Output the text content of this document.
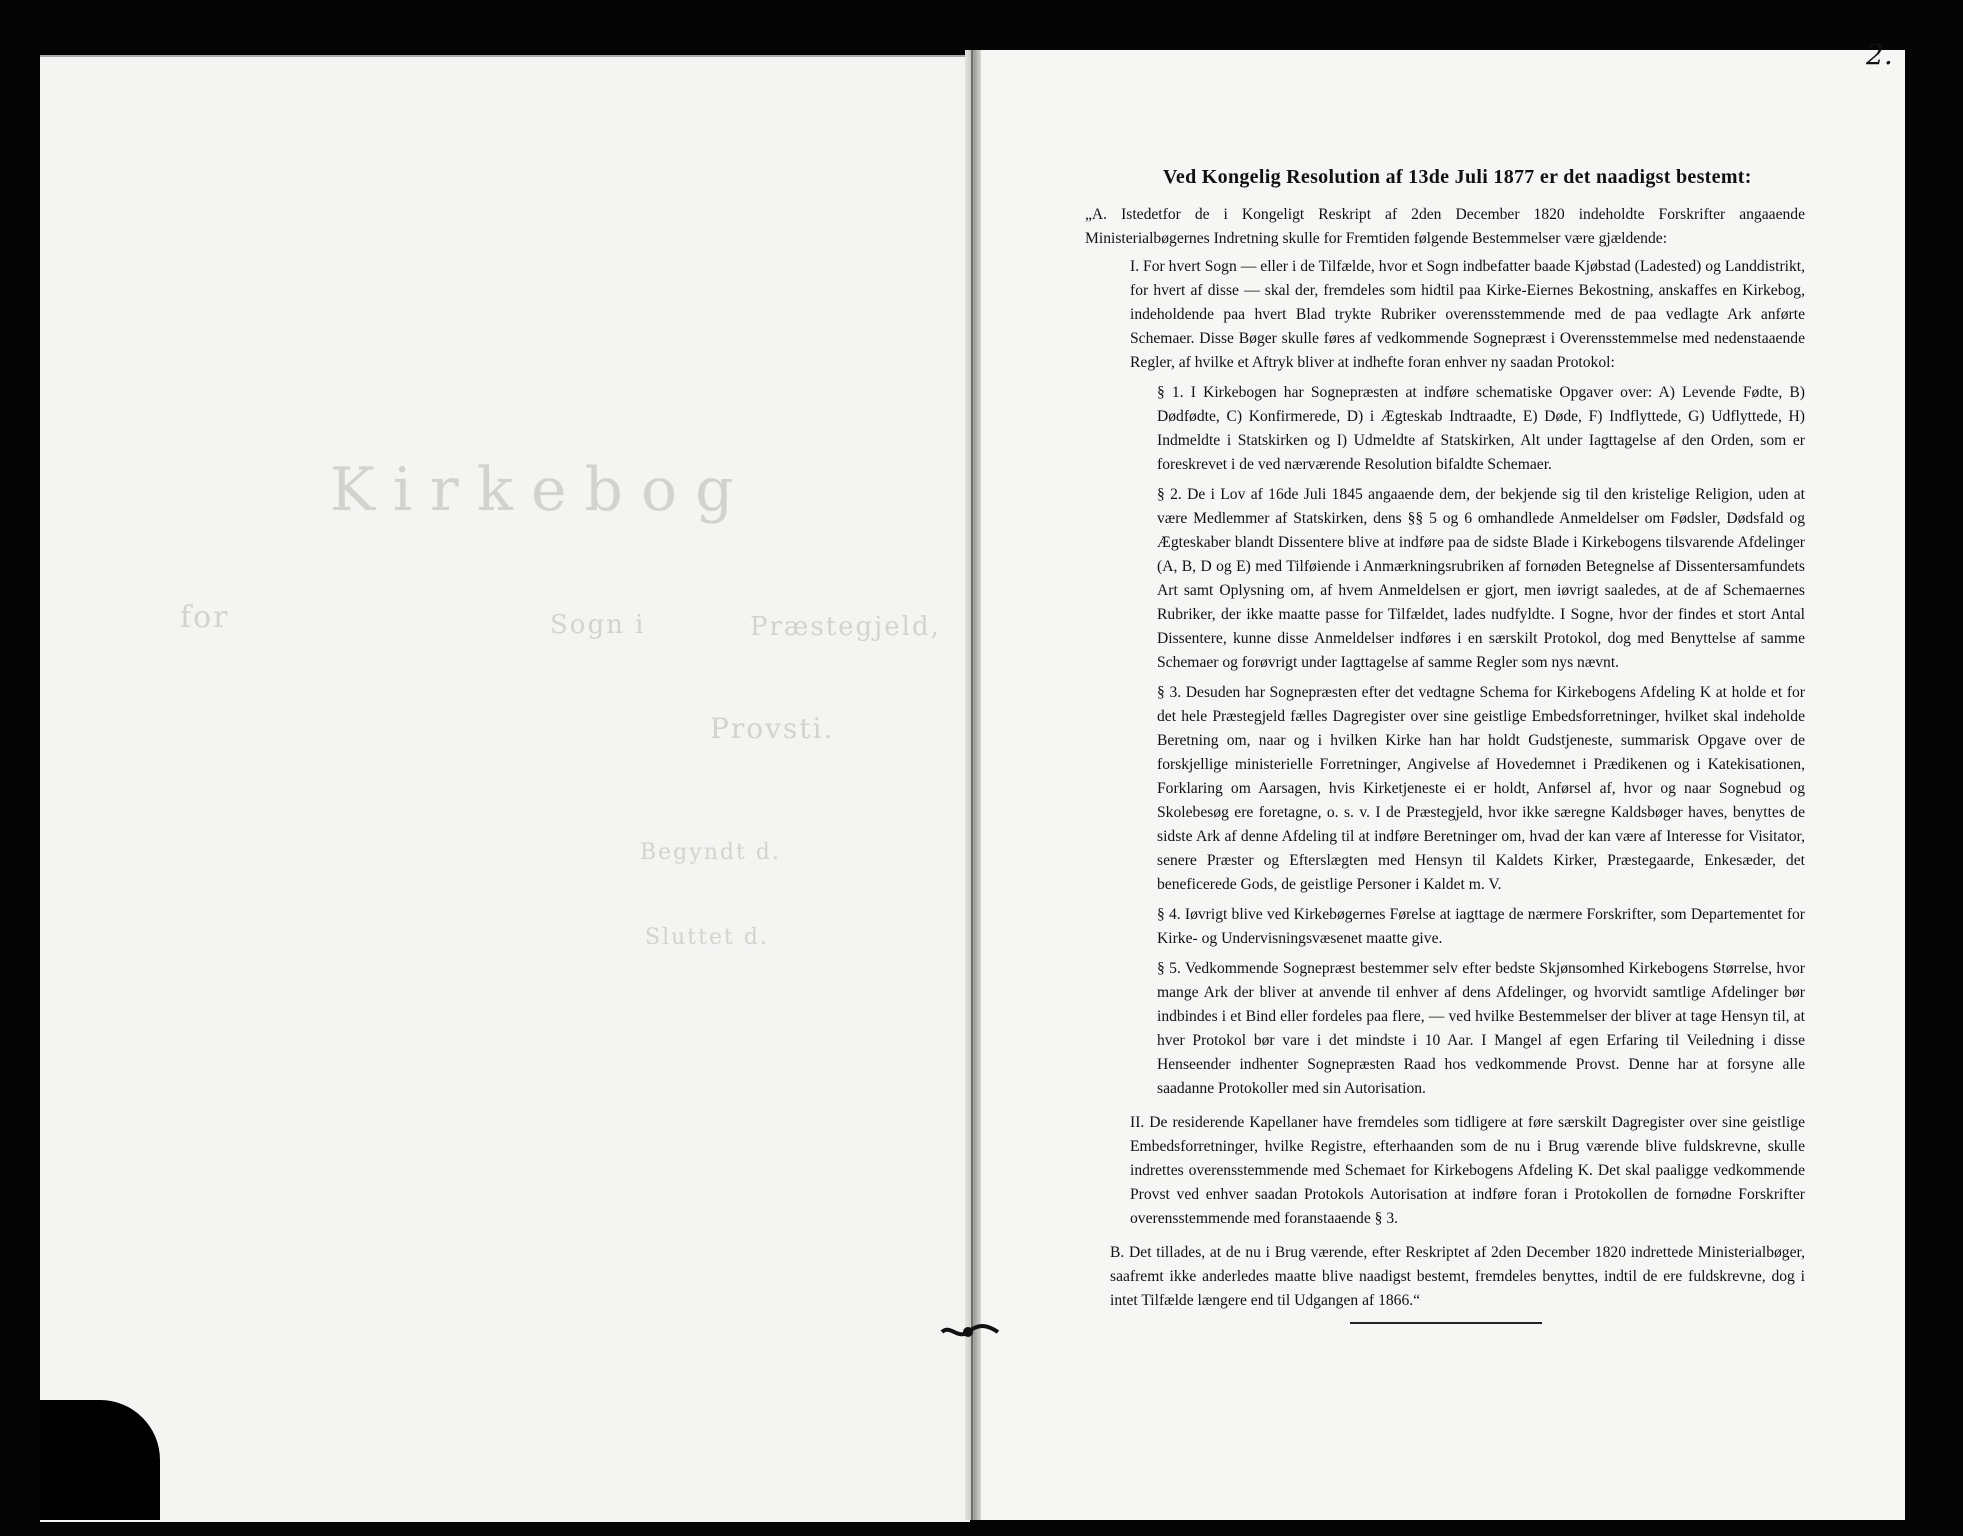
Kirkebog
for	Sogn i	Præstegjeld,
Provsti.
Begyndt d.
Sluttet d.
2.
Ved Kongelig Resolution af 13de Juli 1877 er det naadigst bestemt:

„A. Istedetfor de i Kongeligt Reskript af 2den December 1820 indeholdte Forskrifter angaaende Ministerialbøgernes Indretning skulle for Fremtiden følgende Bestemmelser være gjældende:

I. For hvert Sogn — eller i de Tilfælde, hvor et Sogn indbefatter baade Kjøbstad (Ladested) og Landdistrikt, for hvert af disse — skal der, fremdeles som hidtil paa Kirke-Eiernes Bekostning, anskaffes en Kirkebog, indeholdende paa hvert Blad trykte Rubriker overensstemmende med de paa vedlagte Ark anførte Schemaer. Disse Bøger skulle føres af vedkommende Sognepræst i Overensstemmelse med nedenstaaende Regler, af hvilke et Aftryk bliver at indhefte foran enhver ny saadan Protokol:

§ 1. I Kirkebogen har Sognepræsten at indføre schematiske Opgaver over: A) Levende Fødte, B) Dødfødte, C) Konfirmerede, D) i Ægteskab Indtraadte, E) Døde, F) Indflyttede, G) Udflyttede, H) Indmeldte i Statskirken og I) Udmeldte af Statskirken, Alt under Iagttagelse af den Orden, som er foreskrevet i de ved nærværende Resolution bifaldte Schemaer.

§ 2. De i Lov af 16de Juli 1845 angaaende dem, der bekjende sig til den kristelige Religion, uden at være Medlemmer af Statskirken, dens §§ 5 og 6 omhandlede Anmeldelser om Fødsler, Dødsfald og Ægteskaber blandt Dissentere blive at indføre paa de sidste Blade i Kirkebogens tilsvarende Afdelinger (A, B, D og E) med Tilføiende i Anmærkningsrubriken af fornøden Betegnelse af Dissentersamfundets Art samt Oplysning om, af hvem Anmeldelsen er gjort, men iøvrigt saaledes, at de af Schemaernes Rubriker, der ikke maatte passe for Tilfældet, lades nudfyldte. I Sogne, hvor der findes et stort Antal Dissentere, kunne disse Anmeldelser indføres i en særskilt Protokol, dog med Benyttelse af samme Schemaer og forøvrigt under Iagttagelse af samme Regler som nys nævnt.

§ 3. Desuden har Sognepræsten efter det vedtagne Schema for Kirkebogens Afdeling K at holde et for det hele Præstegjeld fælles Dagregister over sine geistlige Embedsforretninger, hvilket skal indeholde Beretning om, naar og i hvilken Kirke han har holdt Gudstjeneste, summarisk Opgave over de forskjellige ministerielle Forretninger, Angivelse af Hovedemnet i Prædikenen og i Katekisationen, Forklaring om Aarsagen, hvis Kirketjeneste ei er holdt, Anførsel af, hvor og naar Sognebud og Skolebesøg ere foretagne, o. s. v. I de Præstegjeld, hvor ikke særegne Kaldsbøger haves, benyttes de sidste Ark af denne Afdeling til at indføre Beretninger om, hvad der kan være af Interesse for Visitator, senere Præster og Efterslægten med Hensyn til Kaldets Kirker, Præstegaarde, Enkesæder, det beneficerede Gods, de geistlige Personer i Kaldet m. V.

§ 4. Iøvrigt blive ved Kirkebøgernes Førelse at iagttage de nærmere Forskrifter, som Departementet for Kirke- og Undervisningsvæsenet maatte give.

§ 5. Vedkommende Sognepræst bestemmer selv efter bedste Skjønsomhed Kirkebogens Størrelse, hvor mange Ark der bliver at anvende til enhver af dens Afdelinger, og hvorvidt samtlige Afdelinger bør indbindes i et Bind eller fordeles paa flere, — ved hvilke Bestemmelser der bliver at tage Hensyn til, at hver Protokol bør vare i det mindste i 10 Aar. I Mangel af egen Erfaring til Veiledning i disse Henseender indhenter Sognepræsten Raad hos vedkommende Provst. Denne har at forsyne alle saadanne Protokoller med sin Autorisation.

II. De residerende Kapellaner have fremdeles som tidligere at føre særskilt Dagregister over sine geistlige Embedsforretninger, hvilke Registre, efterhaanden som de nu i Brug værende blive fuldskrevne, skulle indrettes overensstemmende med Schemaet for Kirkebogens Afdeling K. Det skal paaligge vedkommende Provst ved enhver saadan Protokols Autorisation at indføre foran i Protokollen de fornødne Forskrifter overensstemmende med foranstaaende § 3.

B. Det tillades, at de nu i Brug værende, efter Reskriptet af 2den December 1820 indrettede Ministerialbøger, saafremt ikke anderledes maatte blive naadigst bestemt, fremdeles benyttes, indtil de ere fuldskrevne, dog i intet Tilfælde længere end til Udgangen af 1866.“
